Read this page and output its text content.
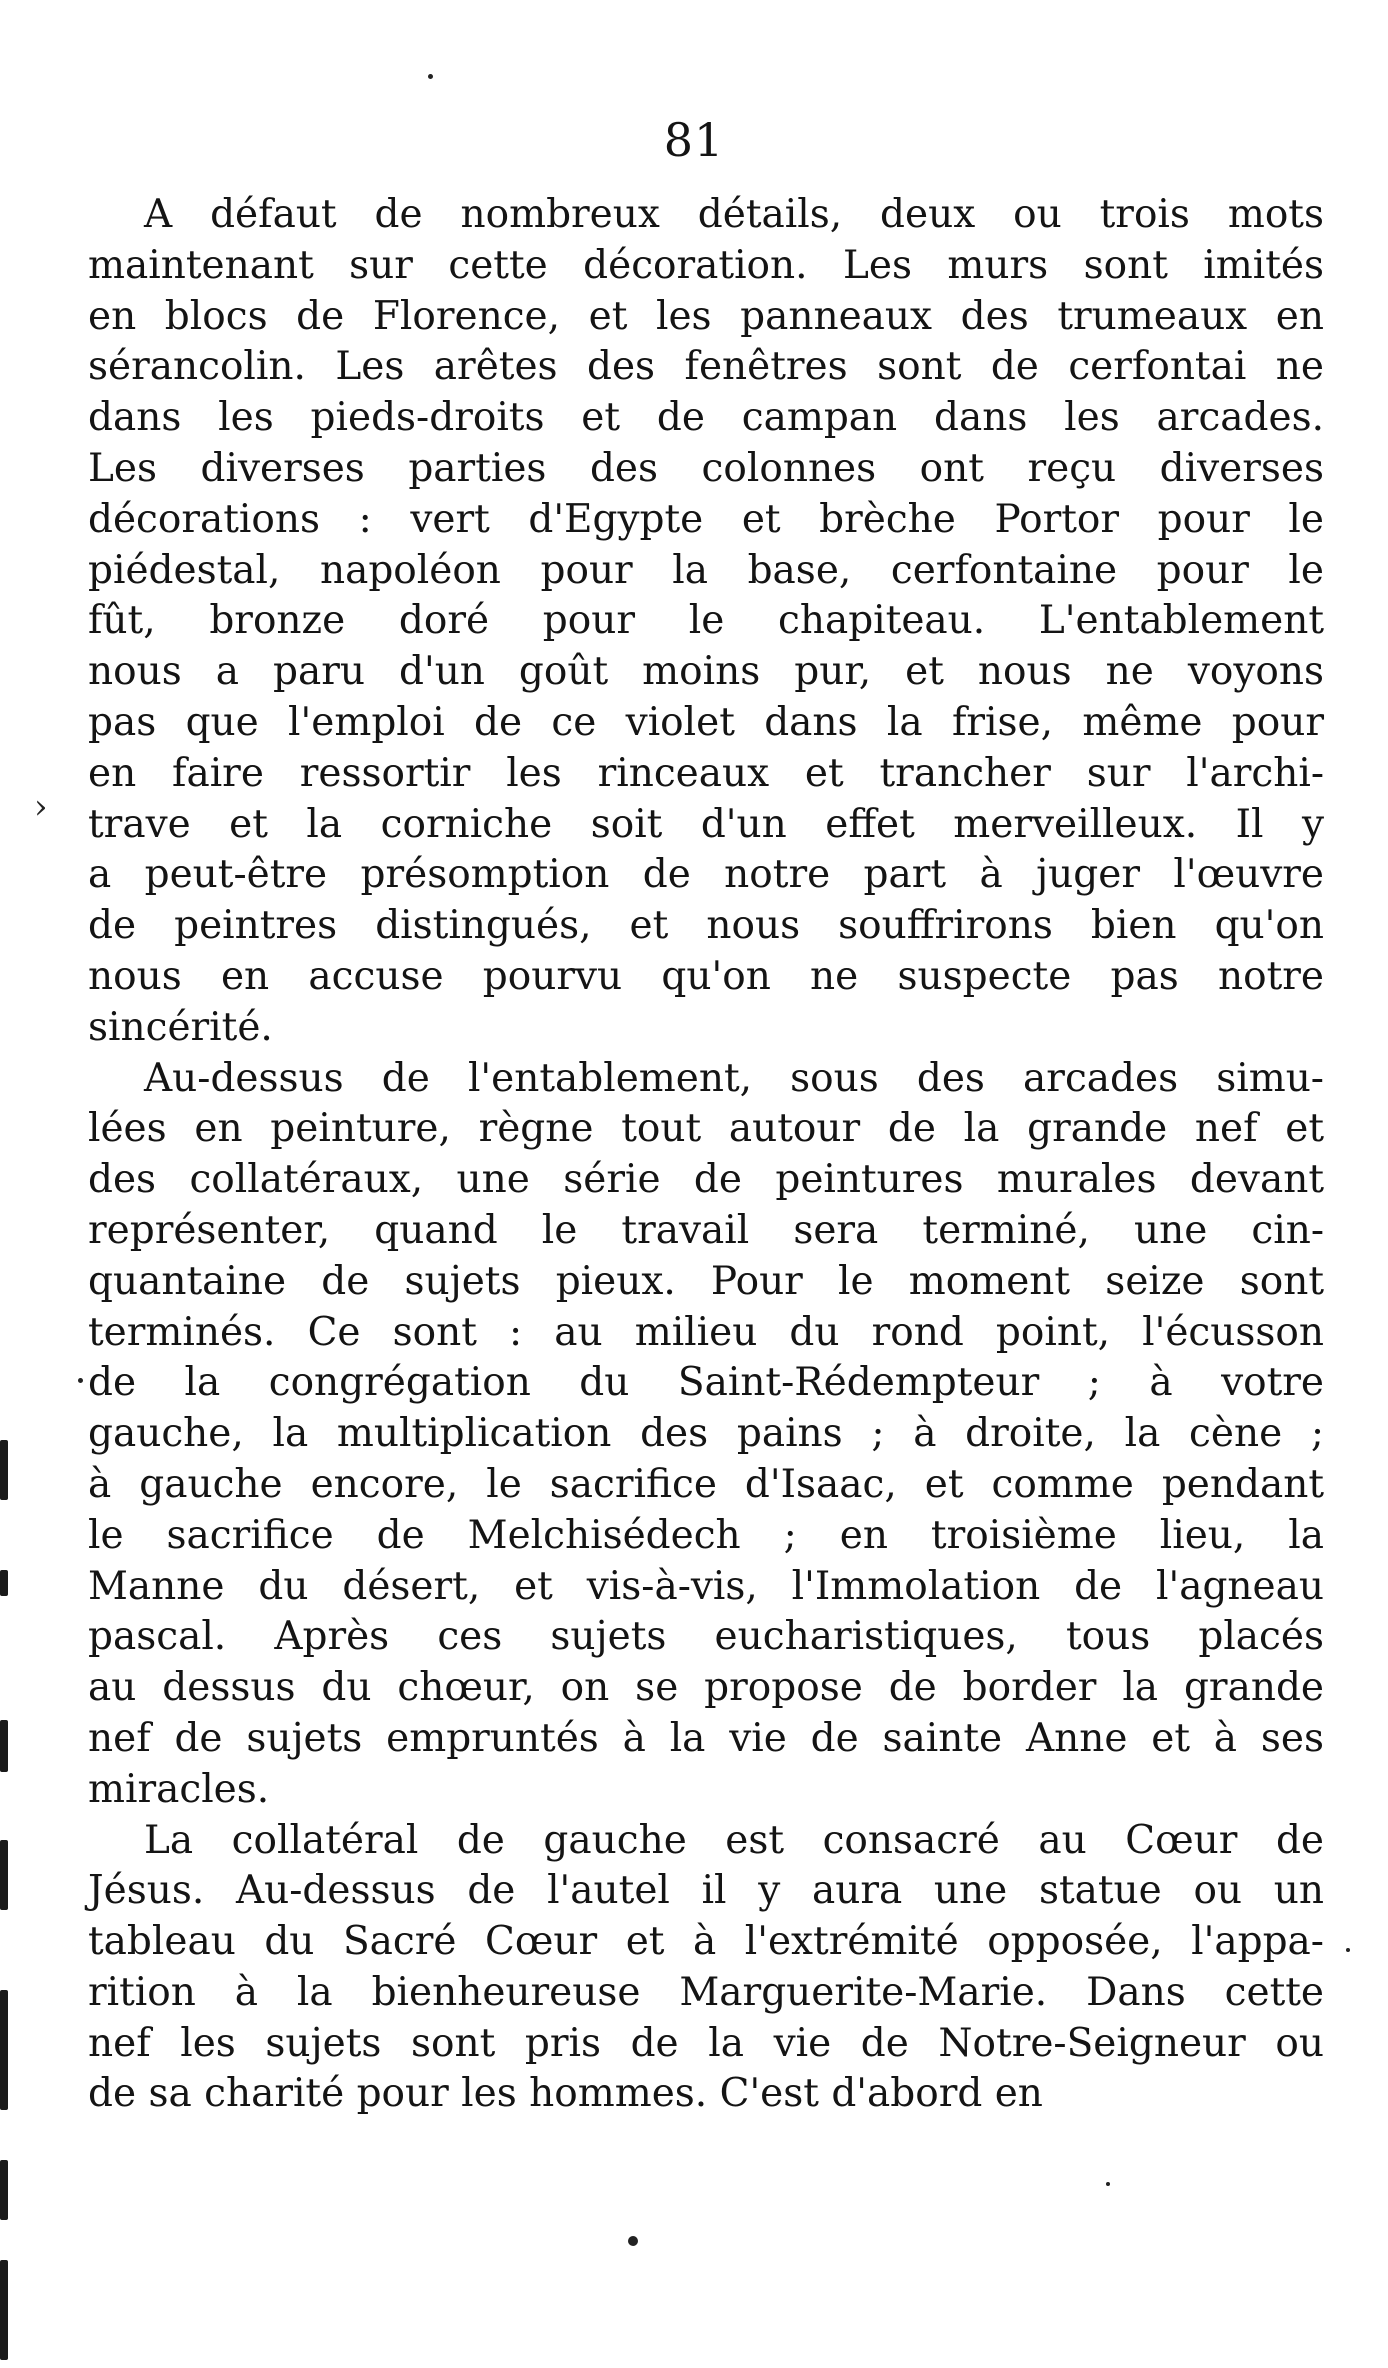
81
A défaut de nombreux détails, deux ou trois mots
maintenant sur cette décoration. Les murs sont imités
en blocs de Florence, et les panneaux des trumeaux en
sérancolin. Les arêtes des fenêtres sont de cerfontai ne
dans les pieds-droits et de campan dans les arcades.
Les diverses parties des colonnes ont reçu diverses
décorations : vert d'Egypte et brèche Portor pour le
piédestal, napoléon pour la base, cerfontaine pour le
fût, bronze doré pour le chapiteau. L'entablement
nous a paru d'un goût moins pur, et nous ne voyons
pas que l'emploi de ce violet dans la frise, même pour
en faire ressortir les rinceaux et trancher sur l'archi-
trave et la corniche soit d'un effet merveilleux. Il y
a peut-être présomption de notre part à juger l'œuvre
de peintres distingués, et nous souffrirons bien qu'on
nous en accuse pourvu qu'on ne suspecte pas notre
sincérité.
Au-dessus de l'entablement, sous des arcades simu-
lées en peinture, règne tout autour de la grande nef et
des collatéraux, une série de peintures murales devant
représenter, quand le travail sera terminé, une cin-
quantaine de sujets pieux. Pour le moment seize sont
terminés. Ce sont : au milieu du rond point, l'écusson
de la congrégation du Saint-Rédempteur ; à votre
gauche, la multiplication des pains ; à droite, la cène ;
à gauche encore, le sacrifice d'Isaac, et comme pendant
le sacrifice de Melchisédech ; en troisième lieu, la
Manne du désert, et vis-à-vis, l'Immolation de l'agneau
pascal. Après ces sujets eucharistiques, tous placés
au dessus du chœur, on se propose de border la grande
nef de sujets empruntés à la vie de sainte Anne et à ses
miracles.
La collatéral de gauche est consacré au Cœur de
Jésus. Au-dessus de l'autel il y aura une statue ou un
tableau du Sacré Cœur et à l'extrémité opposée, l'appa-
rition à la bienheureuse Marguerite-Marie. Dans cette
nef les sujets sont pris de la vie de Notre-Seigneur ou
de sa charité pour les hommes. C'est d'abord en
›
